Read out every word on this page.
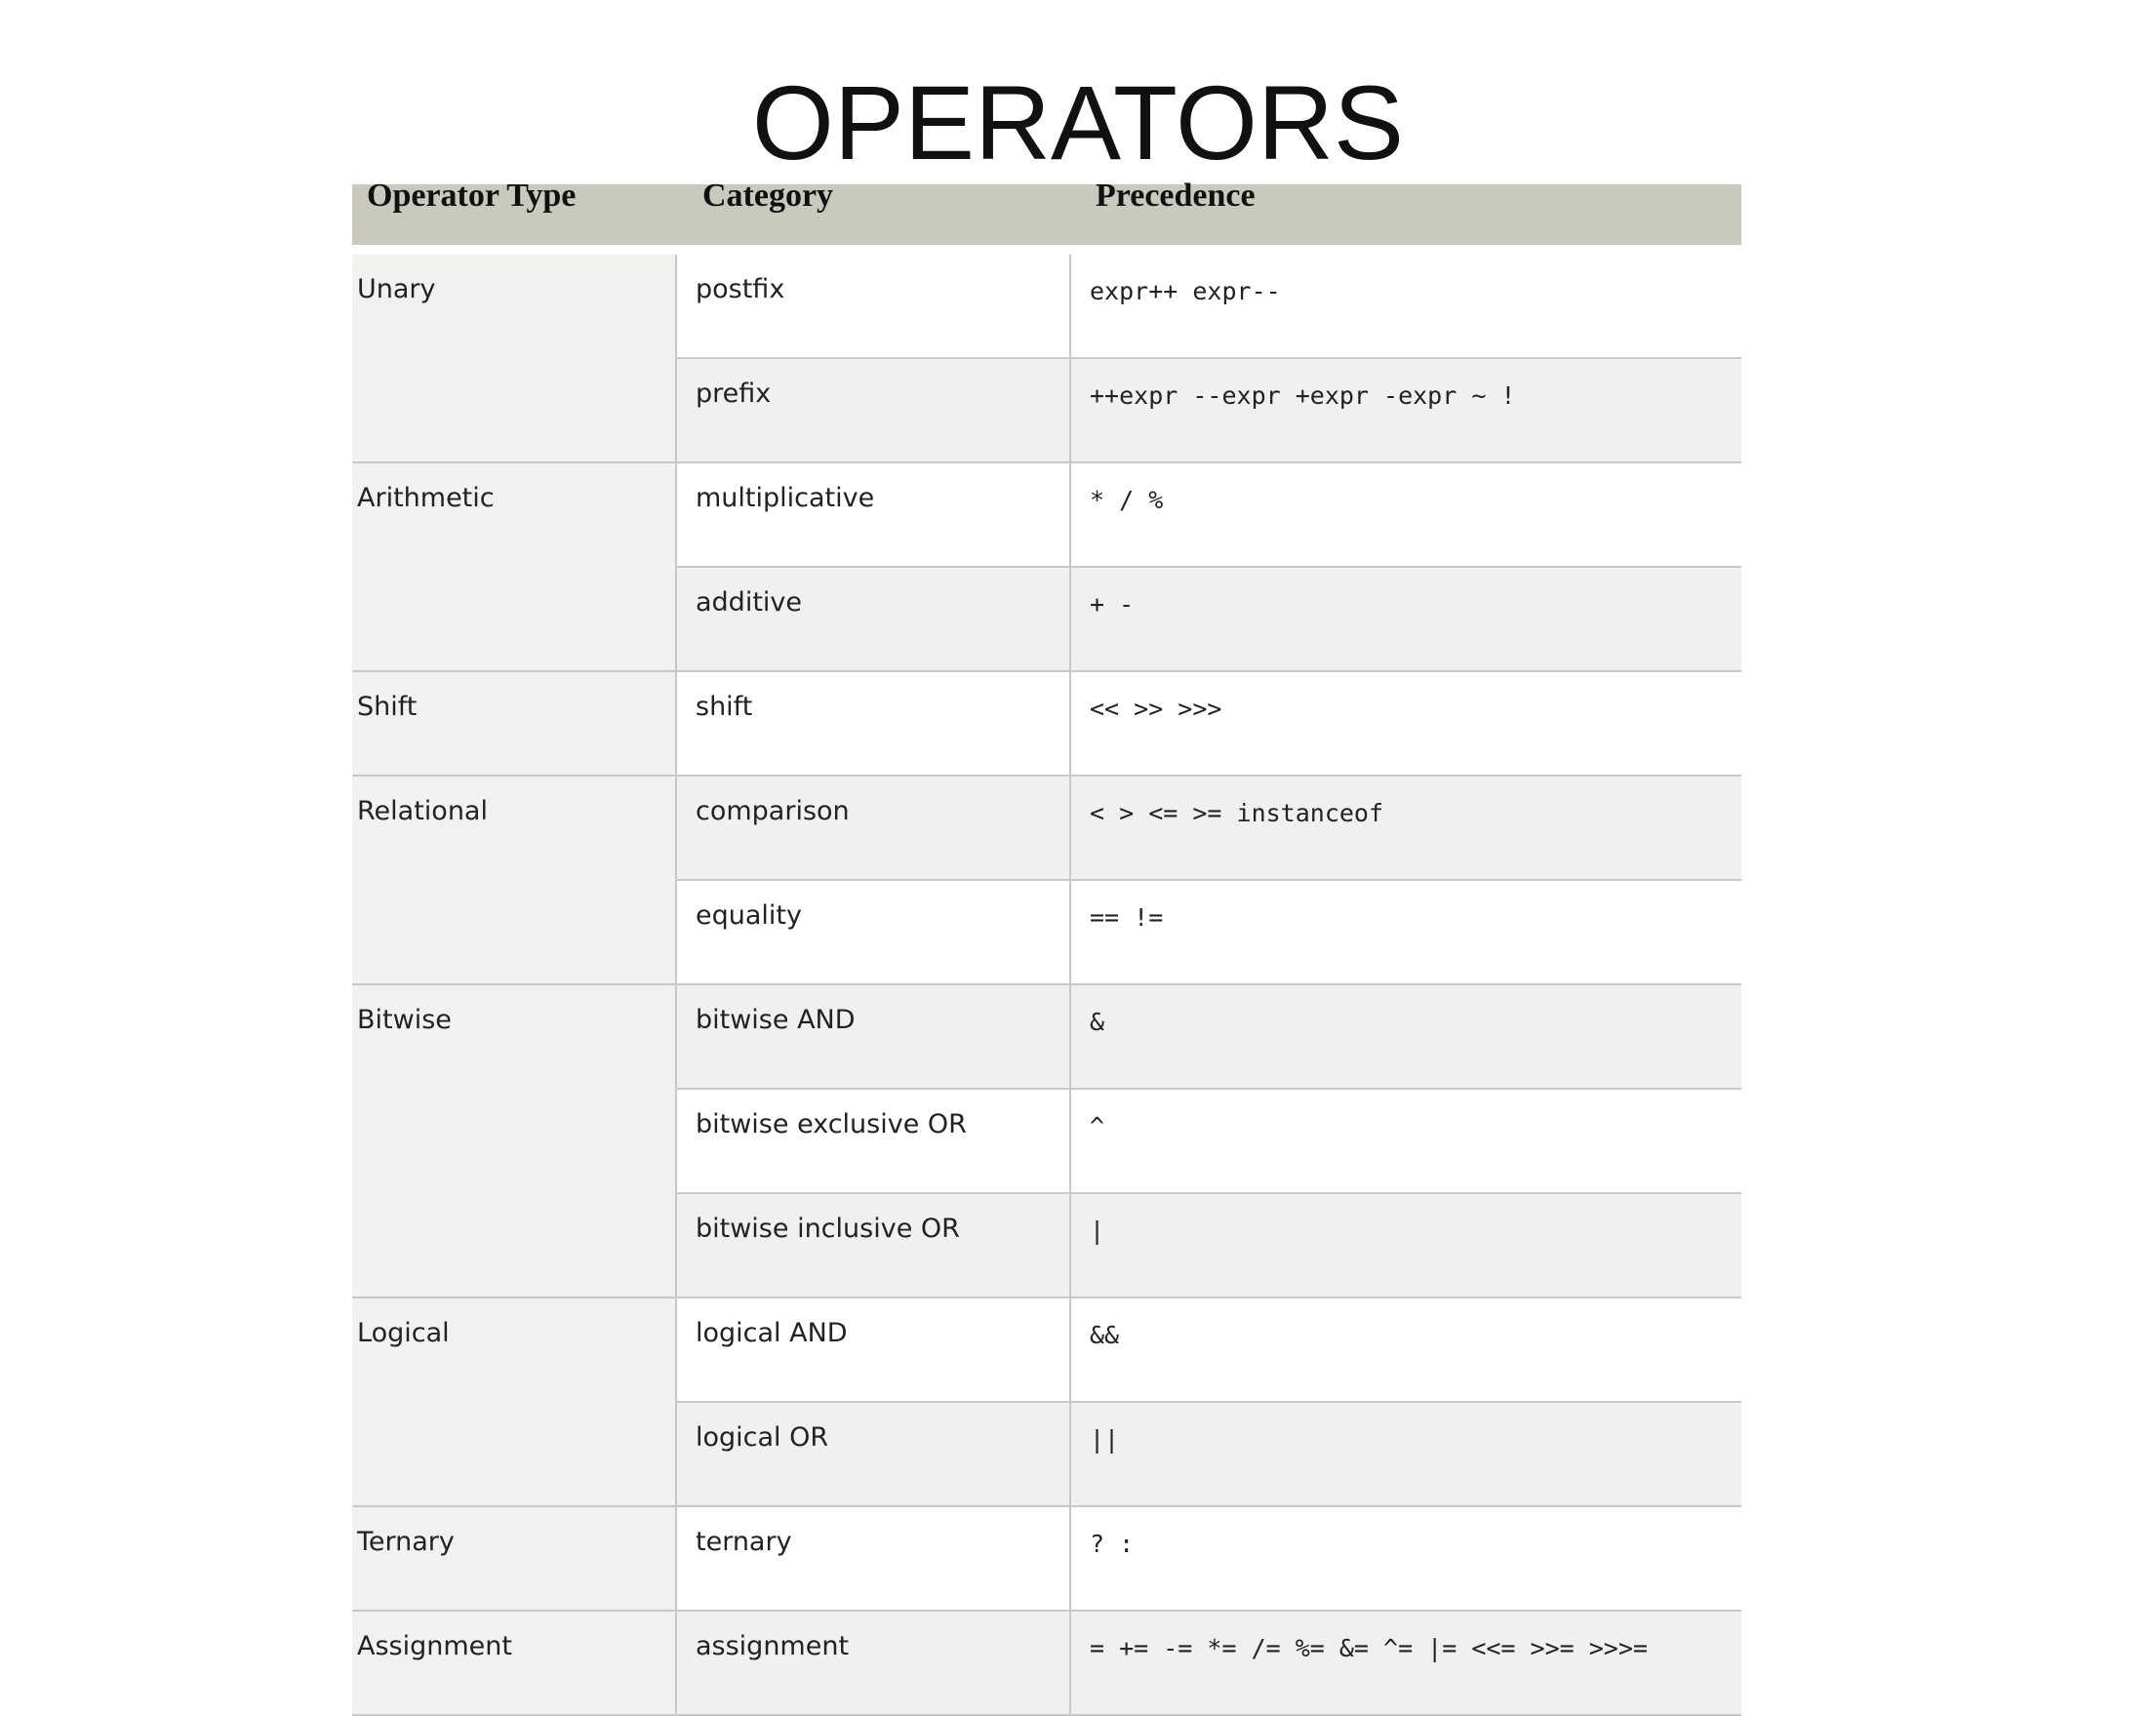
OPERATORS
Operator Type	Category	Precedence

Unary	postfix	expr++ expr--
	prefix	++expr --expr +expr -expr ~ !
Arithmetic	multiplicative	* / %
	additive	+ -
Shift	shift	<< >> >>>
Relational	comparison	< > <= >= instanceof
	equality	== !=
Bitwise	bitwise AND	&
	bitwise exclusive OR	^
	bitwise inclusive OR	|
Logical	logical AND	&&
	logical OR	||
Ternary	ternary	? :
Assignment	assignment	= += -= *= /= %= &= ^= |= <<= >>= >>>=
